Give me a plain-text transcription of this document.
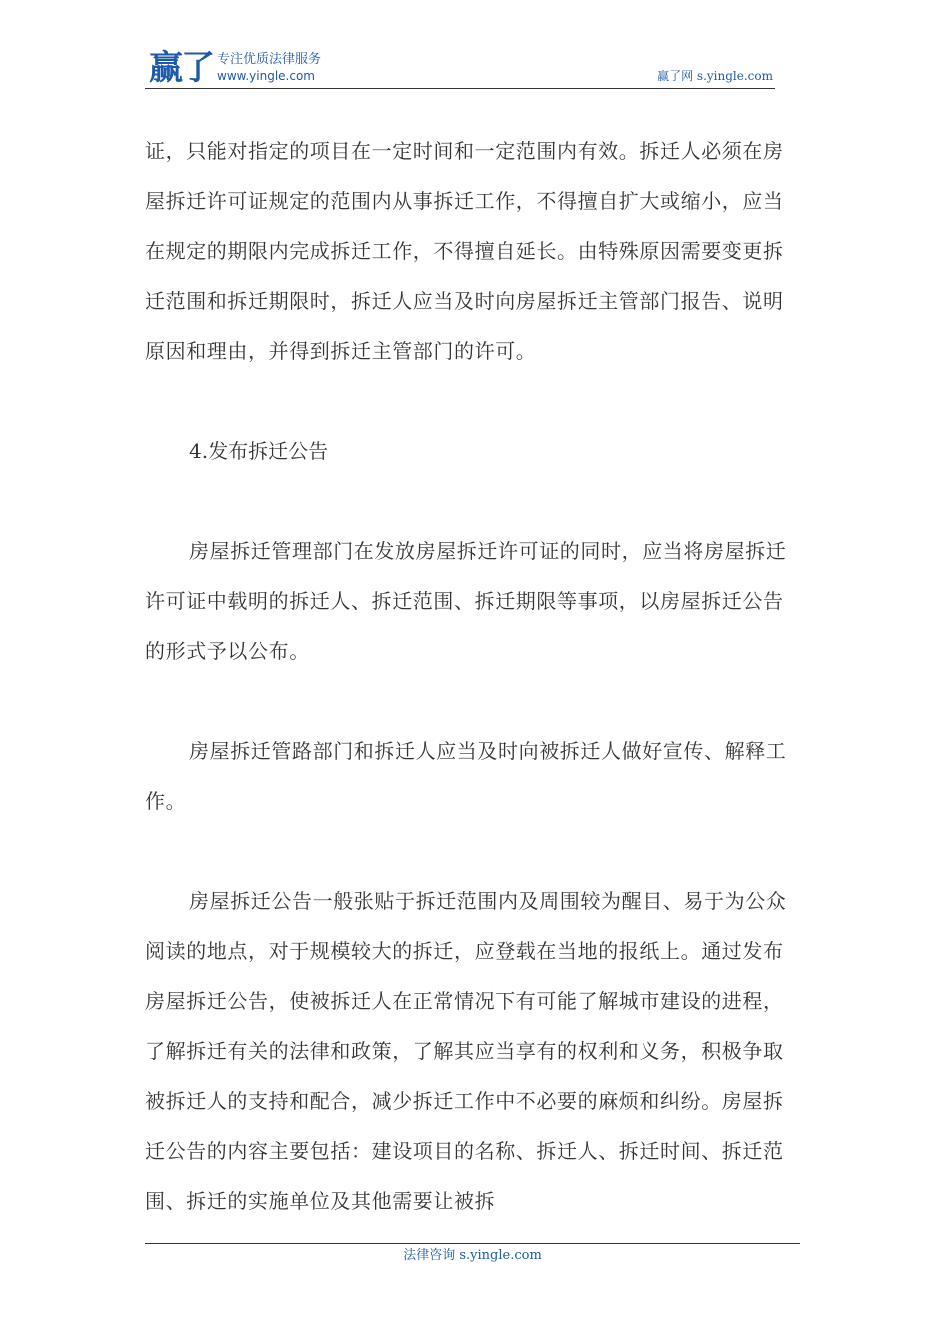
赢了 专注优质法律服务
www.yingle.com	赢了网 s.yingle.com

证，只能对指定的项目在一定时间和一定范围内有效。拆迁人必须在房屋拆迁许可证规定的范围内从事拆迁工作，不得擅自扩大或缩小，应当在规定的期限内完成拆迁工作，不得擅自延长。由特殊原因需要变更拆迁范围和拆迁期限时，拆迁人应当及时向房屋拆迁主管部门报告、说明原因和理由，并得到拆迁主管部门的许可。

4.发布拆迁公告

房屋拆迁管理部门在发放房屋拆迁许可证的同时，应当将房屋拆迁许可证中载明的拆迁人、拆迁范围、拆迁期限等事项，以房屋拆迁公告的形式予以公布。

房屋拆迁管路部门和拆迁人应当及时向被拆迁人做好宣传、解释工作。

房屋拆迁公告一般张贴于拆迁范围内及周围较为醒目、易于为公众阅读的地点，对于规模较大的拆迁，应登载在当地的报纸上。通过发布房屋拆迁公告，使被拆迁人在正常情况下有可能了解城市建设的进程，了解拆迁有关的法律和政策，了解其应当享有的权利和义务，积极争取被拆迁人的支持和配合，减少拆迁工作中不必要的麻烦和纠纷。房屋拆迁公告的内容主要包括：建设项目的名称、拆迁人、拆迁时间、拆迁范围、拆迁的实施单位及其他需要让被拆

法律咨询 s.yingle.com
